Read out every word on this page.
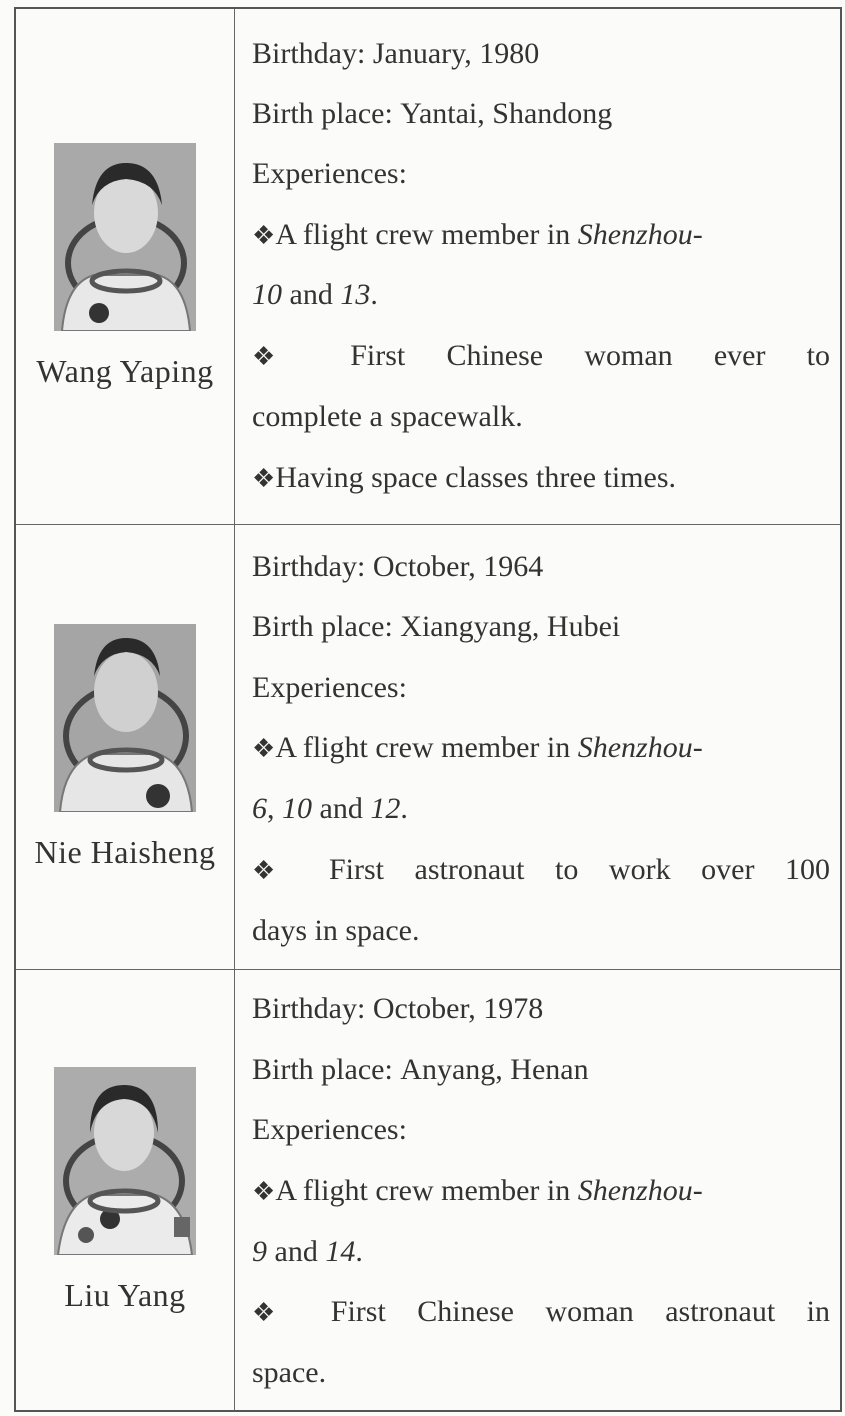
Wang Yaping
Birthday: January, 1980
Birth place: Yantai, Shandong
Experiences:
❖A flight crew member in Shenzhou-
10 and 13.
❖ First Chinese woman ever to
complete a spacewalk.
❖Having space classes three times.
Nie Haisheng
Birthday: October, 1964
Birth place: Xiangyang, Hubei
Experiences:
❖A flight crew member in Shenzhou-
6, 10 and 12.
❖ First astronaut to work over 100
days in space.
Liu Yang
Birthday: October, 1978
Birth place: Anyang, Henan
Experiences:
❖A flight crew member in Shenzhou-
9 and 14.
❖ First Chinese woman astronaut in
space.
